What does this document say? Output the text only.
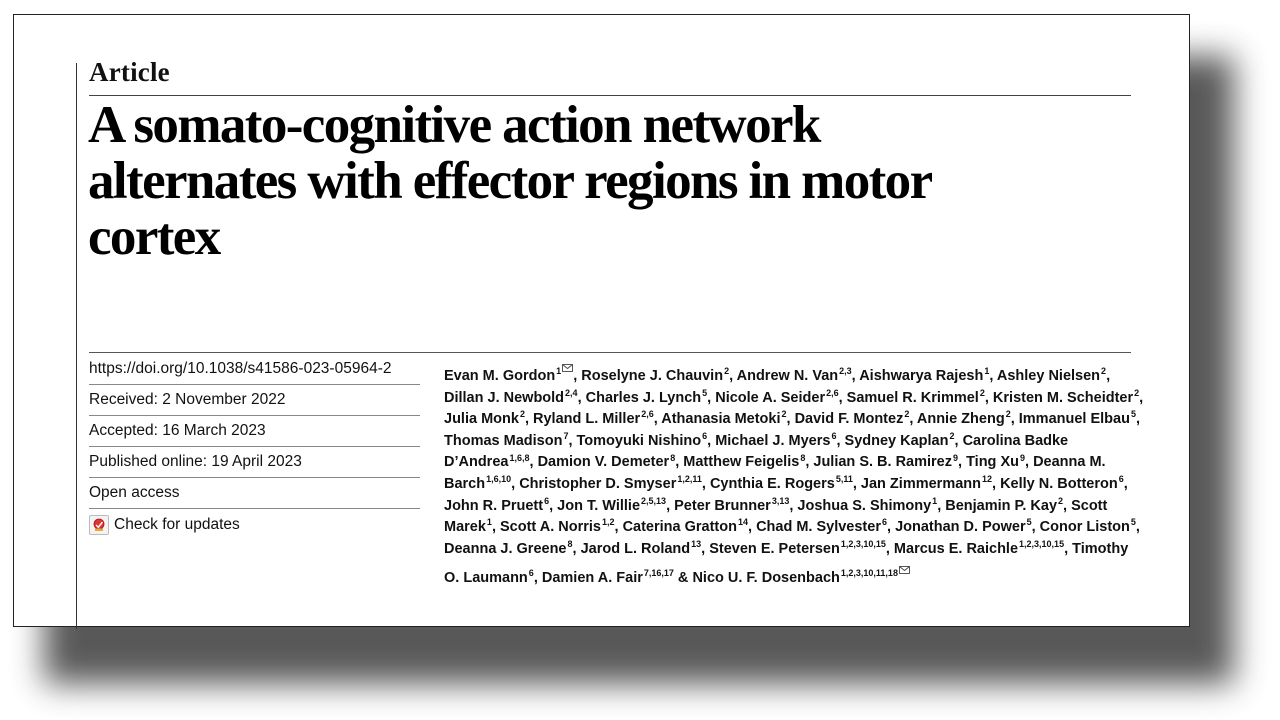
Article
A somato-cognitive action network
alternates with effector regions in motor
cortex
https://doi.org/10.1038/s41586-023-05964-2
Received: 2 November 2022
Accepted: 16 March 2023
Published online: 19 April 2023
Open access
Check for updates

Evan M. Gordon$^1$ , Roselyne J. Chauvin$^2$, Andrew N. Van$^{2,3}$, Aishwarya Rajesh$^1$, Ashley Nielsen$^2$, Dillan J. Newbold$^{2,4}$, Charles J. Lynch$^5$, Nicole A. Seider$^{2,6}$, Samuel R. Krimmel$^2$, Kristen M. Scheidter$^2$, Julia Monk$^2$, Ryland L. Miller$^{2,6}$, Athanasia Metoki$^2$, David F. Montez$^2$, Annie Zheng$^2$, Immanuel Elbau$^5$, Thomas Madison$^7$, Tomoyuki Nishino$^6$, Michael J. Myers$^6$, Sydney Kaplan$^2$, Carolina Badke D’Andrea$^{1,6,8}$, Damion V. Demeter$^8$, Matthew Feigelis$^8$, Julian S. B. Ramirez$^9$, Ting Xu$^9$, Deanna M. Barch$^{1,6,10}$, Christopher D. Smyser$^{1,2,11}$, Cynthia E. Rogers$^{5,11}$, Jan Zimmermann$^{12}$, Kelly N. Botteron$^6$, John R. Pruett$^6$, Jon T. Willie$^{2,5,13}$, Peter Brunner$^{3,13}$, Joshua S. Shimony$^1$, Benjamin P. Kay$^2$, Scott Marek$^1$, Scott A. Norris$^{1,2}$, Caterina Gratton$^{14}$, Chad M. Sylvester$^6$, Jonathan D. Power$^5$, Conor Liston$^5$, Deanna J. Greene$^8$, Jarod L. Roland$^{13}$, Steven E. Petersen$^{1,2,3,10,15}$, Marcus E. Raichle$^{1,2,3,10,15}$, Timothy O. Laumann$^6$, Damien A. Fair$^{7,16,17}$ & Nico U. F. Dosenbach$^{1,2,3,10,11,18}$
